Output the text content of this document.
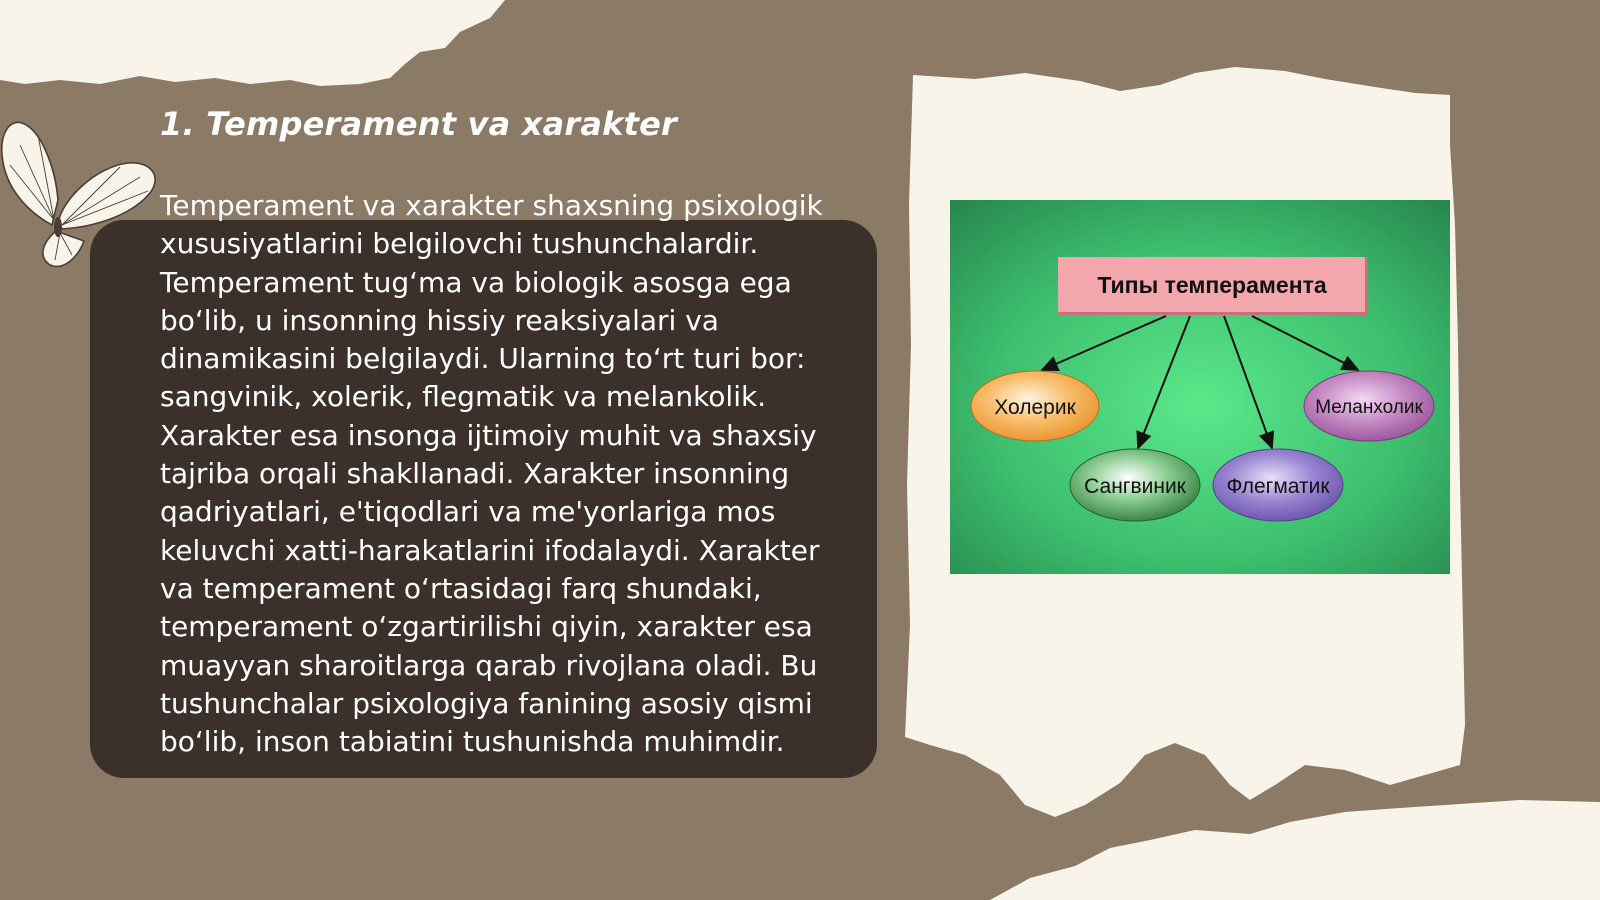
1. Temperament va xarakter

Temperament va xarakter shaxsning psixologik xususiyatlarini belgilovchi tushunchalardir. Temperament tug‘ma va biologik asosga ega bo‘lib, u insonning hissiy reaksiyalari va dinamikasini belgilaydi. Ularning to‘rt turi bor: sangvinik, xolerik, flegmatik va melankolik. Xarakter esa insonga ijtimoiy muhit va shaxsiy tajriba orqali shakllanadi. Xarakter insonning qadriyatlari, e'tiqodlari va me'yorlariga mos keluvchi xatti-harakatlarini ifodalaydi. Xarakter va temperament o‘rtasidagi farq shundaki, temperament o‘zgartirilishi qiyin, xarakter esa muayyan sharoitlarga qarab rivojlana oladi. Bu tushunchalar psixologiya fanining asosiy qismi bo‘lib, inson tabiatini tushunishda muhimdir.

Типы темперамента
Холерик	Меланхолик
Сангвиник Флегматик
